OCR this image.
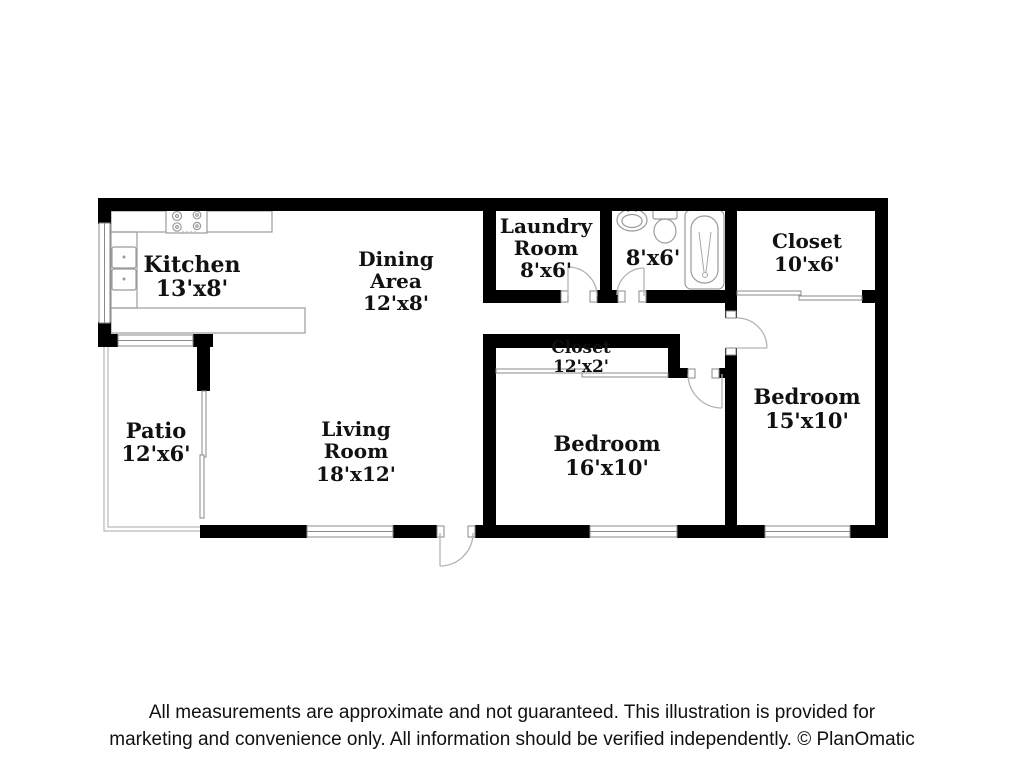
Kitchen
13'x8'
Dining
Area
12'x8'
Laundry
Room
8'x6'	8'x6'
Closet
10'x6'
Closet
12'x2'
Patio
12'x6'
Living
Room
18'x12'
Bedroom
16'x10'
Bedroom
15'x10'
All measurements are approximate and not guaranteed. This illustration is provided for
marketing and convenience only. All information should be verified independently. © PlanOmatic
